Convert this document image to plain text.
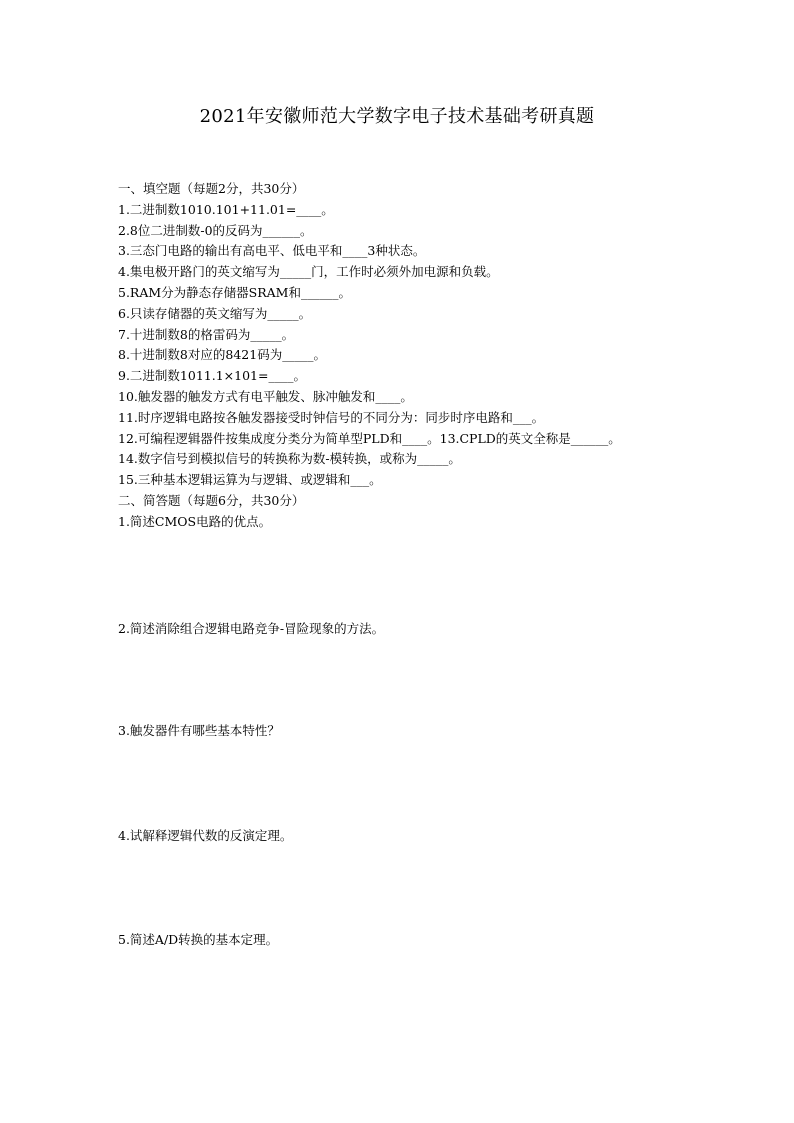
2021年安徽师范大学数字电子技术基础考研真题
一、填空题（每题2分，共30分）
1.二进制数1010.101+11.01=____。
2.8位二进制数-0的反码为______。
3.三态门电路的输出有高电平、低电平和____3种状态。
4.集电极开路门的英文缩写为_____门，工作时必须外加电源和负载。
5.RAM分为静态存储器SRAM和______。
6.只读存储器的英文缩写为_____。
7.十进制数8的格雷码为_____。
8.十进制数8对应的8421码为_____。
9.二进制数1011.1×101=____。
10.触发器的触发方式有电平触发、脉冲触发和____。
11.时序逻辑电路按各触发器接受时钟信号的不同分为：同步时序电路和___。
12.可编程逻辑器件按集成度分类分为简单型PLD和____。13.CPLD的英文全称是______。
14.数字信号到模拟信号的转换称为数-模转换，或称为_____。
15.三种基本逻辑运算为与逻辑、或逻辑和___。
二、简答题（每题6分，共30分）
1.简述CMOS电路的优点。
2.简述消除组合逻辑电路竞争-冒险现象的方法。
3.触发器件有哪些基本特性？
4.试解释逻辑代数的反演定理。
5.简述A/D转换的基本定理。
